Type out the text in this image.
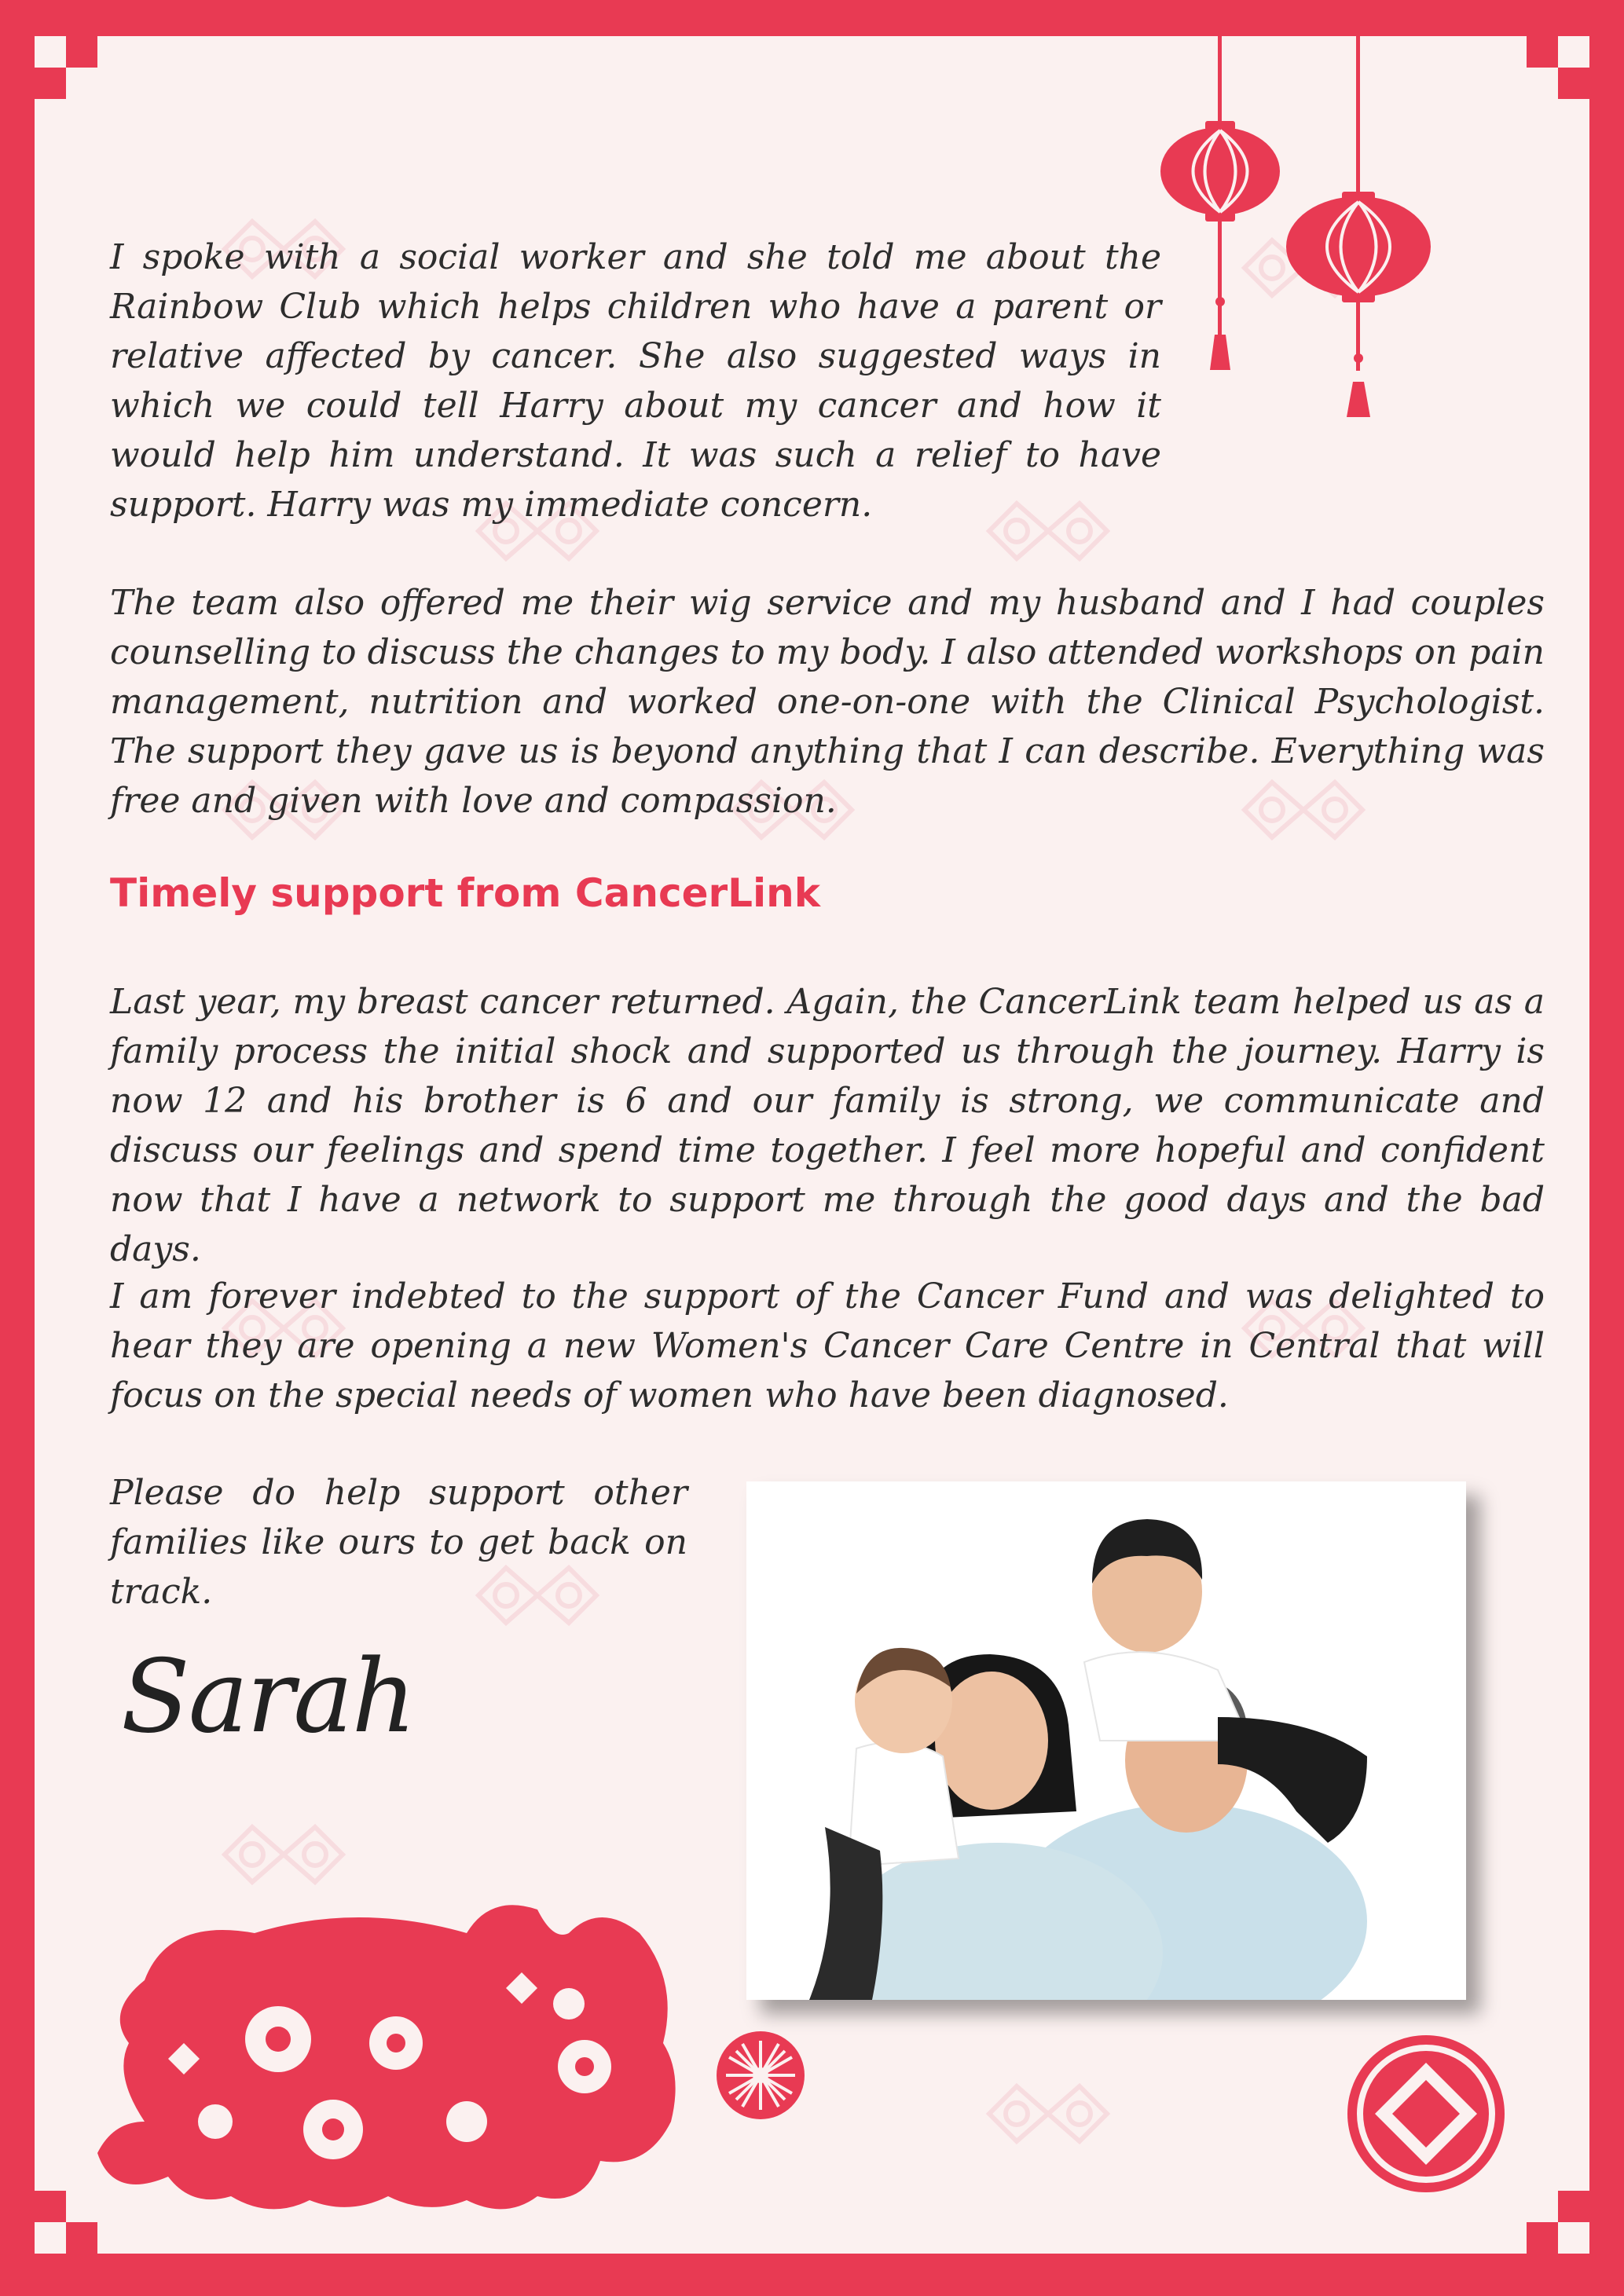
I spoke with a social worker and she told me about the Rainbow Club which helps children who have a parent or relative affected by cancer. She also suggested ways in which we could tell Harry about my cancer and how it would help him understand. It was such a relief to have support. Harry was my immediate concern.

The team also offered me their wig service and my husband and I had couples counselling to discuss the changes to my body. I also attended workshops on pain management, nutrition and worked one-on-one with the Clinical Psychologist. The support they gave us is beyond anything that I can describe. Everything was free and given with love and compassion.

Timely support from CancerLink

Last year, my breast cancer returned. Again, the CancerLink team helped us as a family process the initial shock and supported us through the journey. Harry is now 12 and his brother is 6 and our family is strong, we communicate and discuss our feelings and spend time together. I feel more hopeful and confident now that I have a network to support me through the good days and the bad days.

I am forever indebted to the support of the Cancer Fund and was delighted to hear they are opening a new Women's Cancer Care Centre in Central that will focus on the special needs of women who have been diagnosed.

Please do help support other families like ours to get back on track.

Sarah
